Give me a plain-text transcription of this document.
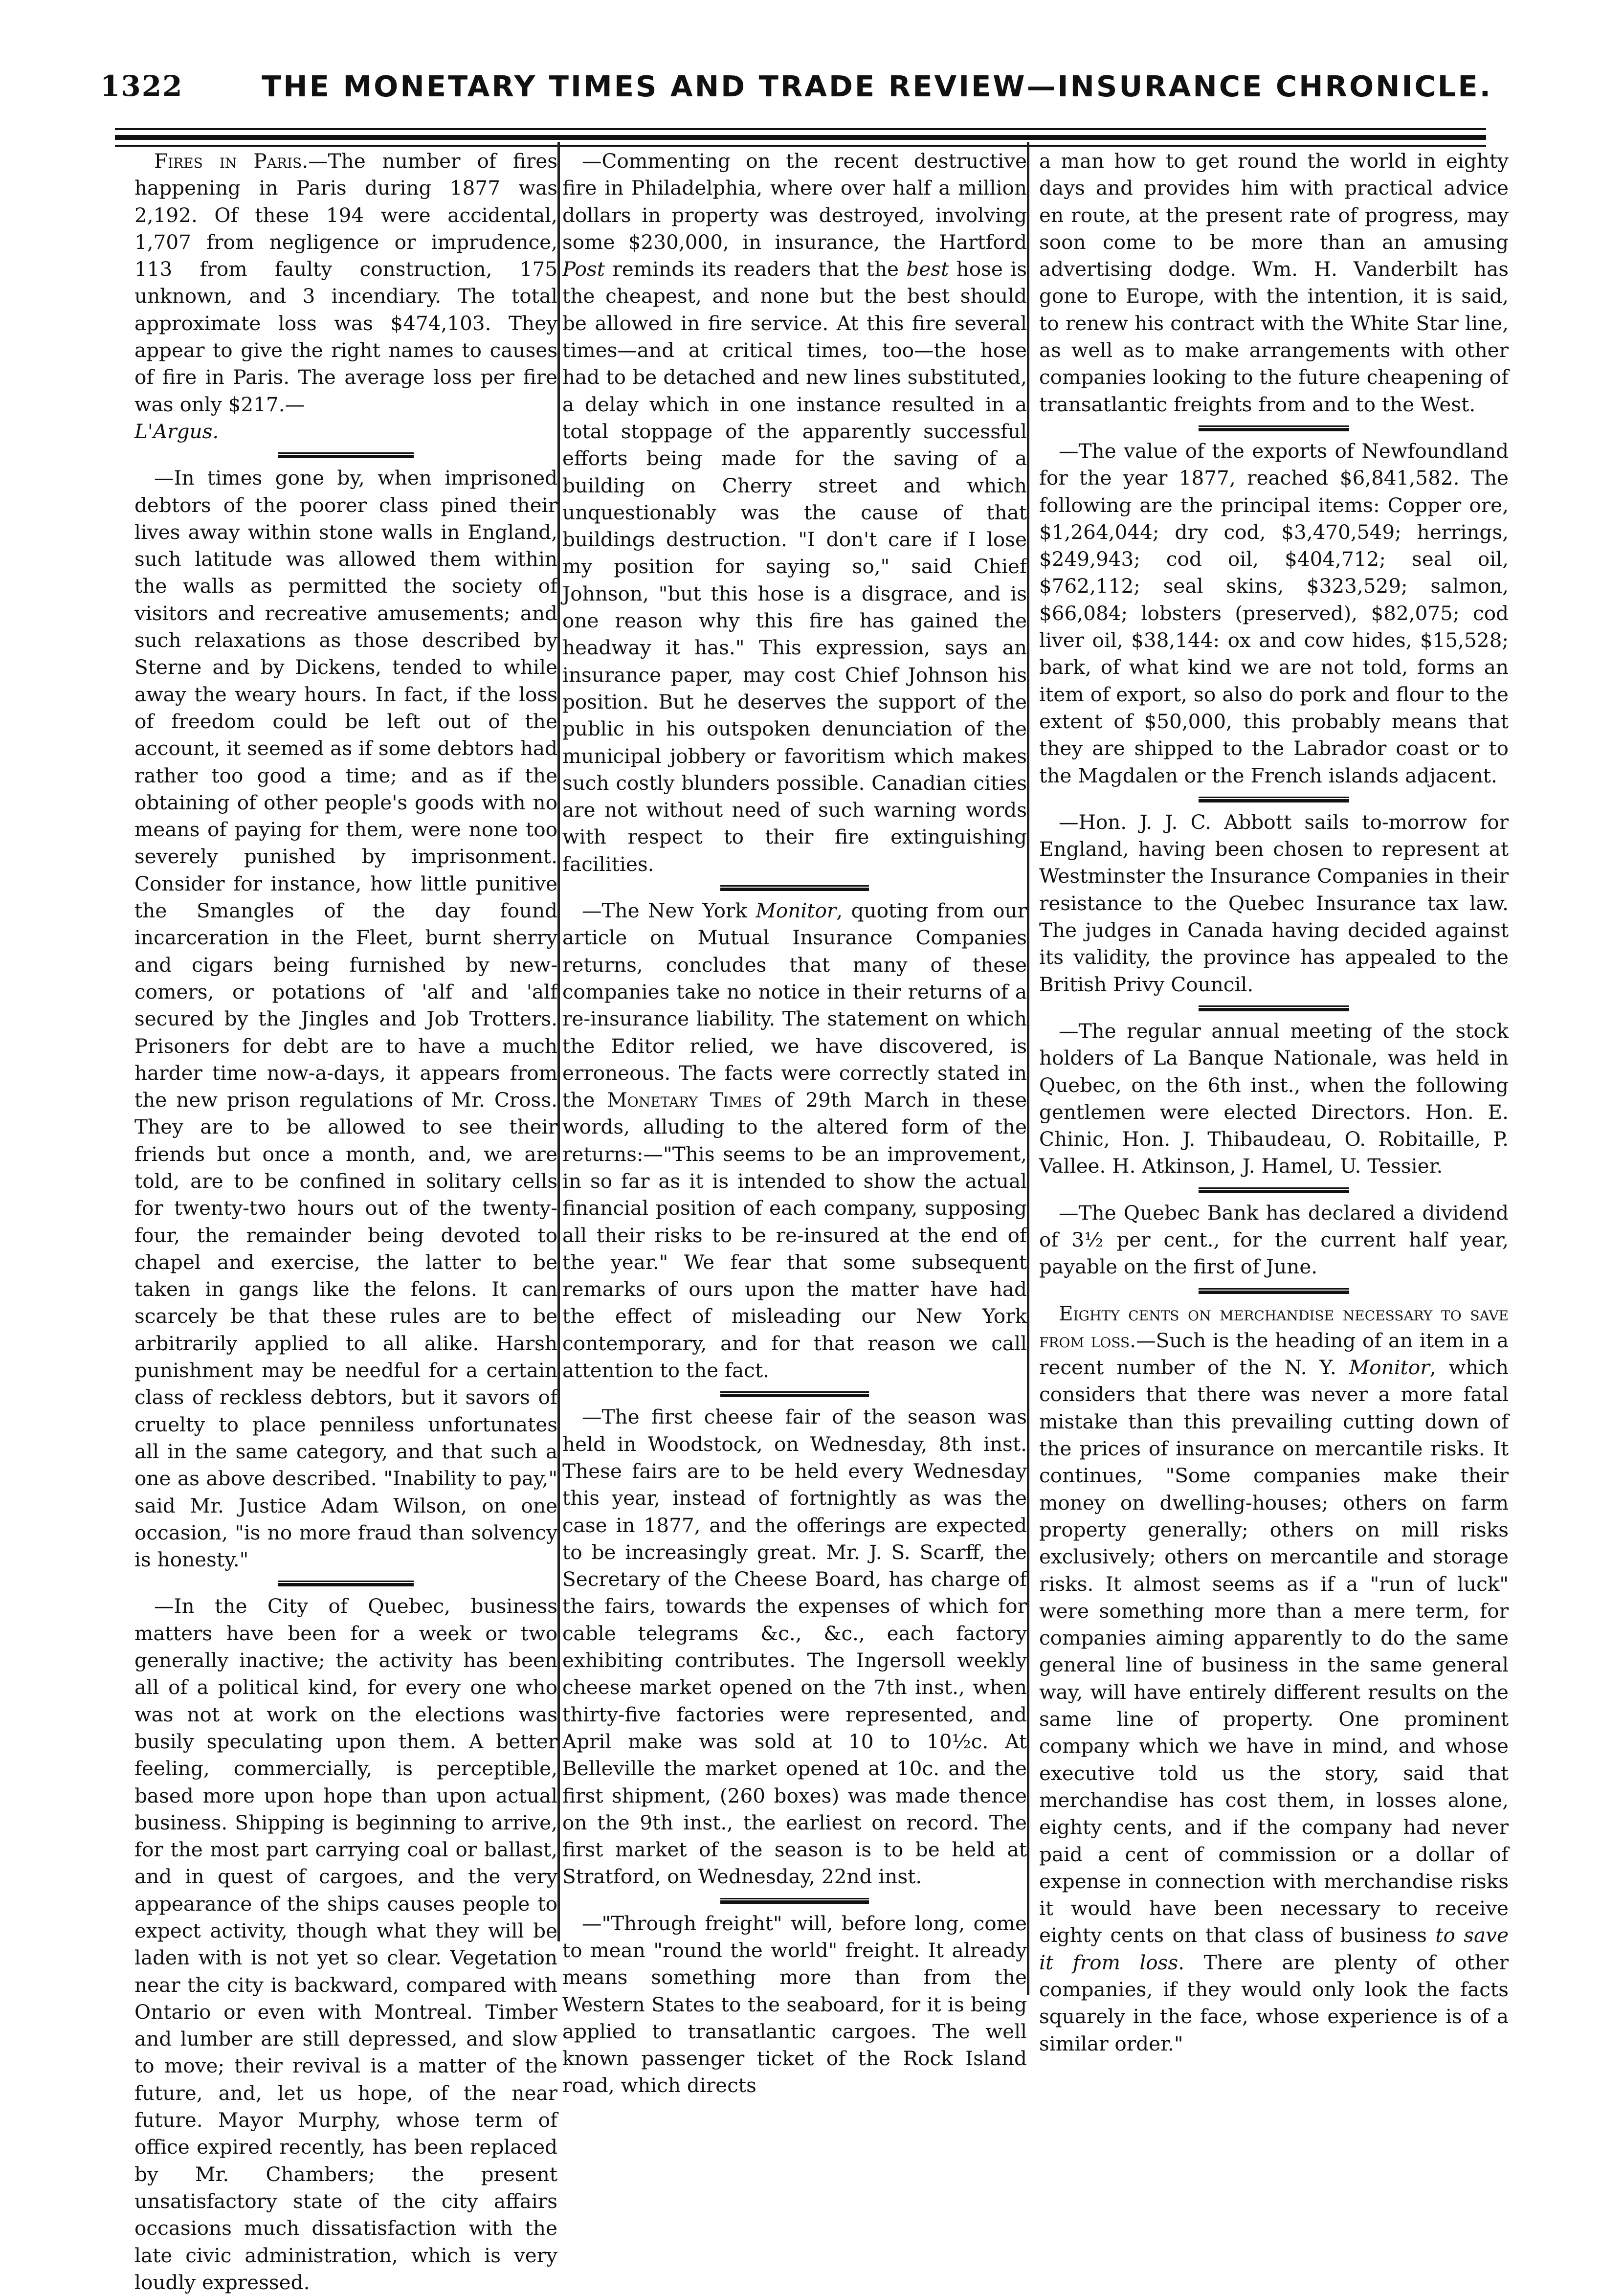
1322	THE MONETARY TIMES AND TRADE REVIEW—INSURANCE CHRONICLE.

Fires in Paris.—The number of fires happening in Paris during 1877 was 2,192. Of these 194 were accidental, 1,707 from negligence or imprudence, 113 from faulty construction, 175 unknown, and 3 incendiary. The total approximate loss was $474,103. They appear to give the right names to causes of fire in Paris. The average loss per fire was only $217.—
L'Argus.

—In times gone by, when imprisoned debtors of the poorer class pined their lives away within stone walls in England, such latitude was allowed them within the walls as permitted the society of visitors and recreative amusements; and such relaxations as those described by Sterne and by Dickens, tended to while away the weary hours. In fact, if the loss of freedom could be left out of the account, it seemed as if some debtors had rather too good a time; and as if the obtaining of other people's goods with no means of paying for them, were none too severely punished by imprisonment. Consider for instance, how little punitive the Smangles of the day found incarceration in the Fleet, burnt sherry and cigars being furnished by new-comers, or potations of 'alf and 'alf secured by the Jingles and Job Trotters. Prisoners for debt are to have a much harder time now-a-days, it appears from the new prison regulations of Mr. Cross. They are to be allowed to see their friends but once a month, and, we are told, are to be confined in solitary cells for twenty-two hours out of the twenty-four, the remainder being devoted to chapel and exercise, the latter to be taken in gangs like the felons. It can scarcely be that these rules are to be arbitrarily applied to all alike. Harsh punishment may be needful for a certain class of reckless debtors, but it savors of cruelty to place penniless unfortunates all in the same category, and that such a one as above described. "Inability to pay," said Mr. Justice Adam Wilson, on one occasion, "is no more fraud than solvency is honesty."

—In the City of Quebec, business matters have been for a week or two generally inactive; the activity has been all of a political kind, for every one who was not at work on the elections was busily speculating upon them. A better feeling, commercially, is perceptible, based more upon hope than upon actual business. Shipping is beginning to arrive, for the most part carrying coal or ballast, and in quest of cargoes, and the very appearance of the ships causes people to expect activity, though what they will be laden with is not yet so clear. Vegetation near the city is backward, compared with Ontario or even with Montreal. Timber and lumber are still depressed, and slow to move; their revival is a matter of the future, and, let us hope, of the near future. Mayor Murphy, whose term of office expired recently, has been replaced by Mr. Chambers; the present unsatisfactory state of the city affairs occasions much dissatisfaction with the late civic administration, which is very loudly expressed.

—Commenting on the recent destructive fire in Philadelphia, where over half a million dollars in property was destroyed, involving some $230,000, in insurance, the Hartford Post reminds its readers that the best hose is the cheapest, and none but the best should be allowed in fire service. At this fire several times—and at critical times, too—the hose had to be detached and new lines substituted, a delay which in one instance resulted in a total stoppage of the apparently successful efforts being made for the saving of a building on Cherry street and which unquestionably was the cause of that buildings destruction. "I don't care if I lose my position for saying so," said Chief Johnson, "but this hose is a disgrace, and is one reason why this fire has gained the headway it has." This expression, says an insurance paper, may cost Chief Johnson his position. But he deserves the support of the public in his outspoken denunciation of the municipal jobbery or favoritism which makes such costly blunders possible. Canadian cities are not without need of such warning words with respect to their fire extinguishing facilities.

—The New York Monitor, quoting from our article on Mutual Insurance Companies returns, concludes that many of these companies take no notice in their returns of a re-insurance liability. The statement on which the Editor relied, we have discovered, is erroneous. The facts were correctly stated in the Monetary Times of 29th March in these words, alluding to the altered form of the returns:—"This seems to be an improvement, in so far as it is intended to show the actual financial position of each company, supposing all their risks to be re-insured at the end of the year." We fear that some subsequent remarks of ours upon the matter have had the effect of misleading our New York contemporary, and for that reason we call attention to the fact.

—The first cheese fair of the season was held in Woodstock, on Wednesday, 8th inst. These fairs are to be held every Wednesday this year, instead of fortnightly as was the case in 1877, and the offerings are expected to be increasingly great. Mr. J. S. Scarff, the Secretary of the Cheese Board, has charge of the fairs, towards the expenses of which for cable telegrams &c., &c., each factory exhibiting contributes. The Ingersoll weekly cheese market opened on the 7th inst., when thirty-five factories were represented, and April make was sold at 10 to 10½c. At Belleville the market opened at 10c. and the first shipment, (260 boxes) was made thence on the 9th inst., the earliest on record. The first market of the season is to be held at Stratford, on Wednesday, 22nd inst.

—"Through freight" will, before long, come to mean "round the world" freight. It already means something more than from the Western States to the seaboard, for it is being applied to transatlantic cargoes. The well known passenger ticket of the Rock Island road, which directs

a man how to get round the world in eighty days and provides him with practical advice en route, at the present rate of progress, may soon come to be more than an amusing advertising dodge. Wm. H. Vanderbilt has gone to Europe, with the intention, it is said, to renew his contract with the White Star line, as well as to make arrangements with other companies looking to the future cheapening of transatlantic freights from and to the West.

—The value of the exports of Newfoundland for the year 1877, reached $6,841,582. The following are the principal items: Copper ore, $1,264,044; dry cod, $3,470,549; herrings, $249,943; cod oil, $404,712; seal oil, $762,112; seal skins, $323,529; salmon, $66,084; lobsters (preserved), $82,075; cod liver oil, $38,144: ox and cow hides, $15,528; bark, of what kind we are not told, forms an item of export, so also do pork and flour to the extent of $50,000, this probably means that they are shipped to the Labrador coast or to the Magdalen or the French islands adjacent.

—Hon. J. J. C. Abbott sails to-morrow for England, having been chosen to represent at Westminster the Insurance Companies in their resistance to the Quebec Insurance tax law. The judges in Canada having decided against its validity, the province has appealed to the British Privy Council.

—The regular annual meeting of the stock holders of La Banque Nationale, was held in Quebec, on the 6th inst., when the following gentlemen were elected Directors. Hon. E. Chinic, Hon. J. Thibaudeau, O. Robitaille, P. Vallee. H. Atkinson, J. Hamel, U. Tessier.

—The Quebec Bank has declared a dividend of 3½ per cent., for the current half year, payable on the first of June.

Eighty cents on merchandise necessary to save from loss.—Such is the heading of an item in a recent number of the N. Y. Monitor, which considers that there was never a more fatal mistake than this prevailing cutting down of the prices of insurance on mercantile risks. It continues, "Some companies make their money on dwelling-houses; others on farm property generally; others on mill risks exclusively; others on mercantile and storage risks. It almost seems as if a "run of luck" were something more than a mere term, for companies aiming apparently to do the same general line of business in the same general way, will have entirely different results on the same line of property. One prominent company which we have in mind, and whose executive told us the story, said that merchandise has cost them, in losses alone, eighty cents, and if the company had never paid a cent of commission or a dollar of expense in connection with merchandise risks it would have been necessary to receive eighty cents on that class of business to save it from loss. There are plenty of other companies, if they would only look the facts squarely in the face, whose experience is of a similar order."
